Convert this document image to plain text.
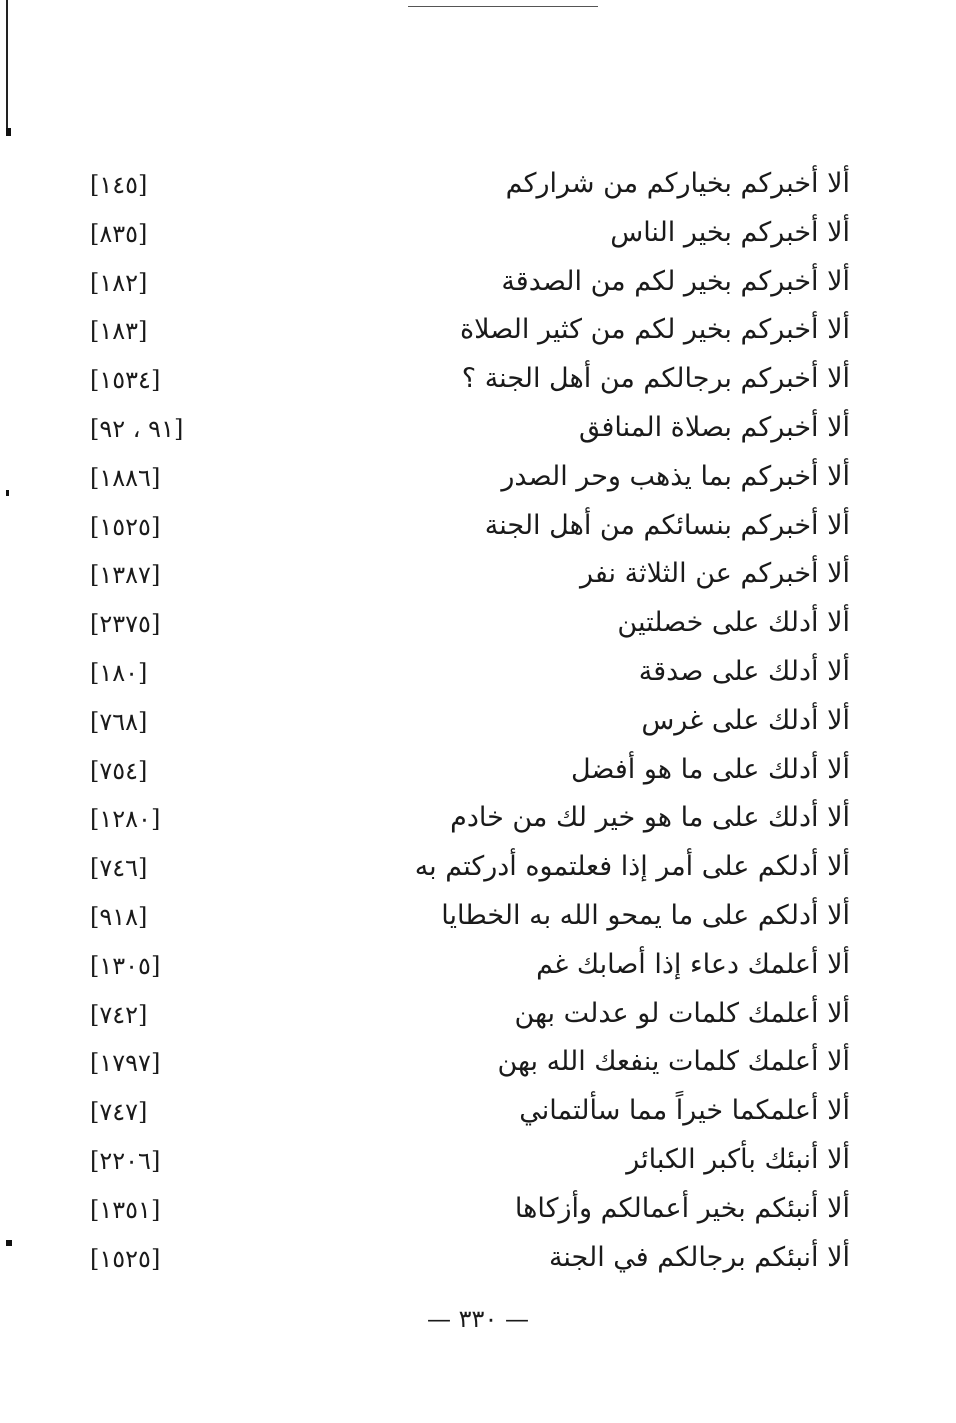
ألا أخبركم بخياركم من شراركم
[١٤٥]
ألا أخبركم بخير الناس
[٨٣٥]
ألا أخبركم بخير لكم من الصدقة
[١٨٢]
ألا أخبركم بخير لكم من كثير الصلاة
[١٨٣]
ألا أخبركم برجالكم من أهل الجنة ؟
[١٥٣٤]
ألا أخبركم بصلاة المنافق
[٩١ ، ٩٢]
ألا أخبركم بما يذهب وحر الصدر
[١٨٨٦]
ألا أخبركم بنسائكم من أهل الجنة
[١٥٢٥]
ألا أخبركم عن الثلاثة نفر
[١٣٨٧]
ألا أدلك على خصلتين
[٢٣٧٥]
ألا أدلك على صدقة
[١٨٠]
ألا أدلك على غرس
[٧٦٨]
ألا أدلك على ما هو أفضل
[٧٥٤]
ألا أدلك على ما هو خير لك من خادم
[١٢٨٠]
ألا أدلكم على أمر إذا فعلتموه أدركتم به
[٧٤٦]
ألا أدلكم على ما يمحو الله به الخطايا
[٩١٨]
ألا أعلمك دعاء إذا أصابك غم
[١٣٠٥]
ألا أعلمك كلمات لو عدلت بهن
[٧٤٢]
ألا أعلمك كلمات ينفعك الله بهن
[١٧٩٧]
ألا أعلمكما خيراً مما سألتماني
[٧٤٧]
ألا أنبئك بأكبر الكبائر
[٢٢٠٦]
ألا أنبئكم بخير أعمالكم وأزكاها
[١٣٥١]
ألا أنبئكم برجالكم في الجنة
[١٥٢٥]
— ٣٣٠ —
